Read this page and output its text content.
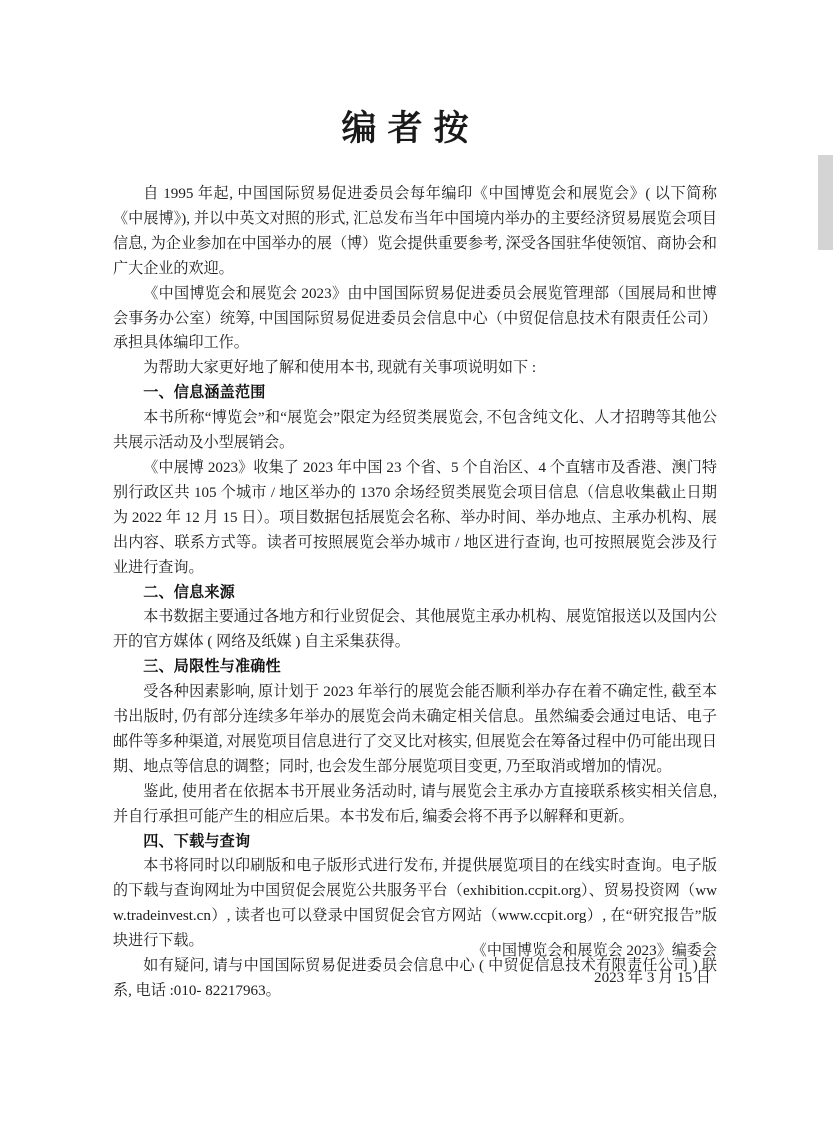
编者按

自 1995 年起, 中国国际贸易促进委员会每年编印《中国博览会和展览会》( 以下简称《中展博》), 并以中英文对照的形式, 汇总发布当年中国境内举办的主要经济贸易展览会项目信息, 为企业参加在中国举办的展（博）览会提供重要参考, 深受各国驻华使领馆、商协会和广大企业的欢迎。

《中国博览会和展览会 2023》由中国国际贸易促进委员会展览管理部（国展局和世博会事务办公室）统筹, 中国国际贸易促进委员会信息中心（中贸促信息技术有限责任公司）承担具体编印工作。

为帮助大家更好地了解和使用本书, 现就有关事项说明如下 :

一、信息涵盖范围

本书所称“博览会”和“展览会”限定为经贸类展览会, 不包含纯文化、人才招聘等其他公共展示活动及小型展销会。

《中展博 2023》收集了 2023 年中国 23 个省、5 个自治区、4 个直辖市及香港、澳门特别行政区共 105 个城市 / 地区举办的 1370 余场经贸类展览会项目信息（信息收集截止日期为 2022 年 12 月 15 日）。项目数据包括展览会名称、举办时间、举办地点、主承办机构、展出内容、联系方式等。读者可按照展览会举办城市 / 地区进行查询, 也可按照展览会涉及行业进行查询。

二、信息来源

本书数据主要通过各地方和行业贸促会、其他展览主承办机构、展览馆报送以及国内公开的官方媒体 ( 网络及纸媒 ) 自主采集获得。

三、局限性与准确性

受各种因素影响, 原计划于 2023 年举行的展览会能否顺利举办存在着不确定性, 截至本书出版时, 仍有部分连续多年举办的展览会尚未确定相关信息。虽然编委会通过电话、电子邮件等多种渠道, 对展览项目信息进行了交叉比对核实, 但展览会在筹备过程中仍可能出现日期、地点等信息的调整；同时, 也会发生部分展览项目变更, 乃至取消或增加的情况。

鉴此, 使用者在依据本书开展业务活动时, 请与展览会主承办方直接联系核实相关信息, 并自行承担可能产生的相应后果。本书发布后, 编委会将不再予以解释和更新。

四、下载与查询

本书将同时以印刷版和电子版形式进行发布, 并提供展览项目的在线实时查询。电子版的下载与查询网址为中国贸促会展览公共服务平台（exhibition.ccpit.org）、贸易投资网（www.tradeinvest.cn）, 读者也可以登录中国贸促会官方网站（www.ccpit.org）, 在“研究报告”版块进行下载。

如有疑问, 请与中国国际贸易促进委员会信息中心 ( 中贸促信息技术有限责任公司 ) 联系, 电话 :010- 82217963。

《中国博览会和展览会 2023》编委会
2023 年 3 月 15 日
